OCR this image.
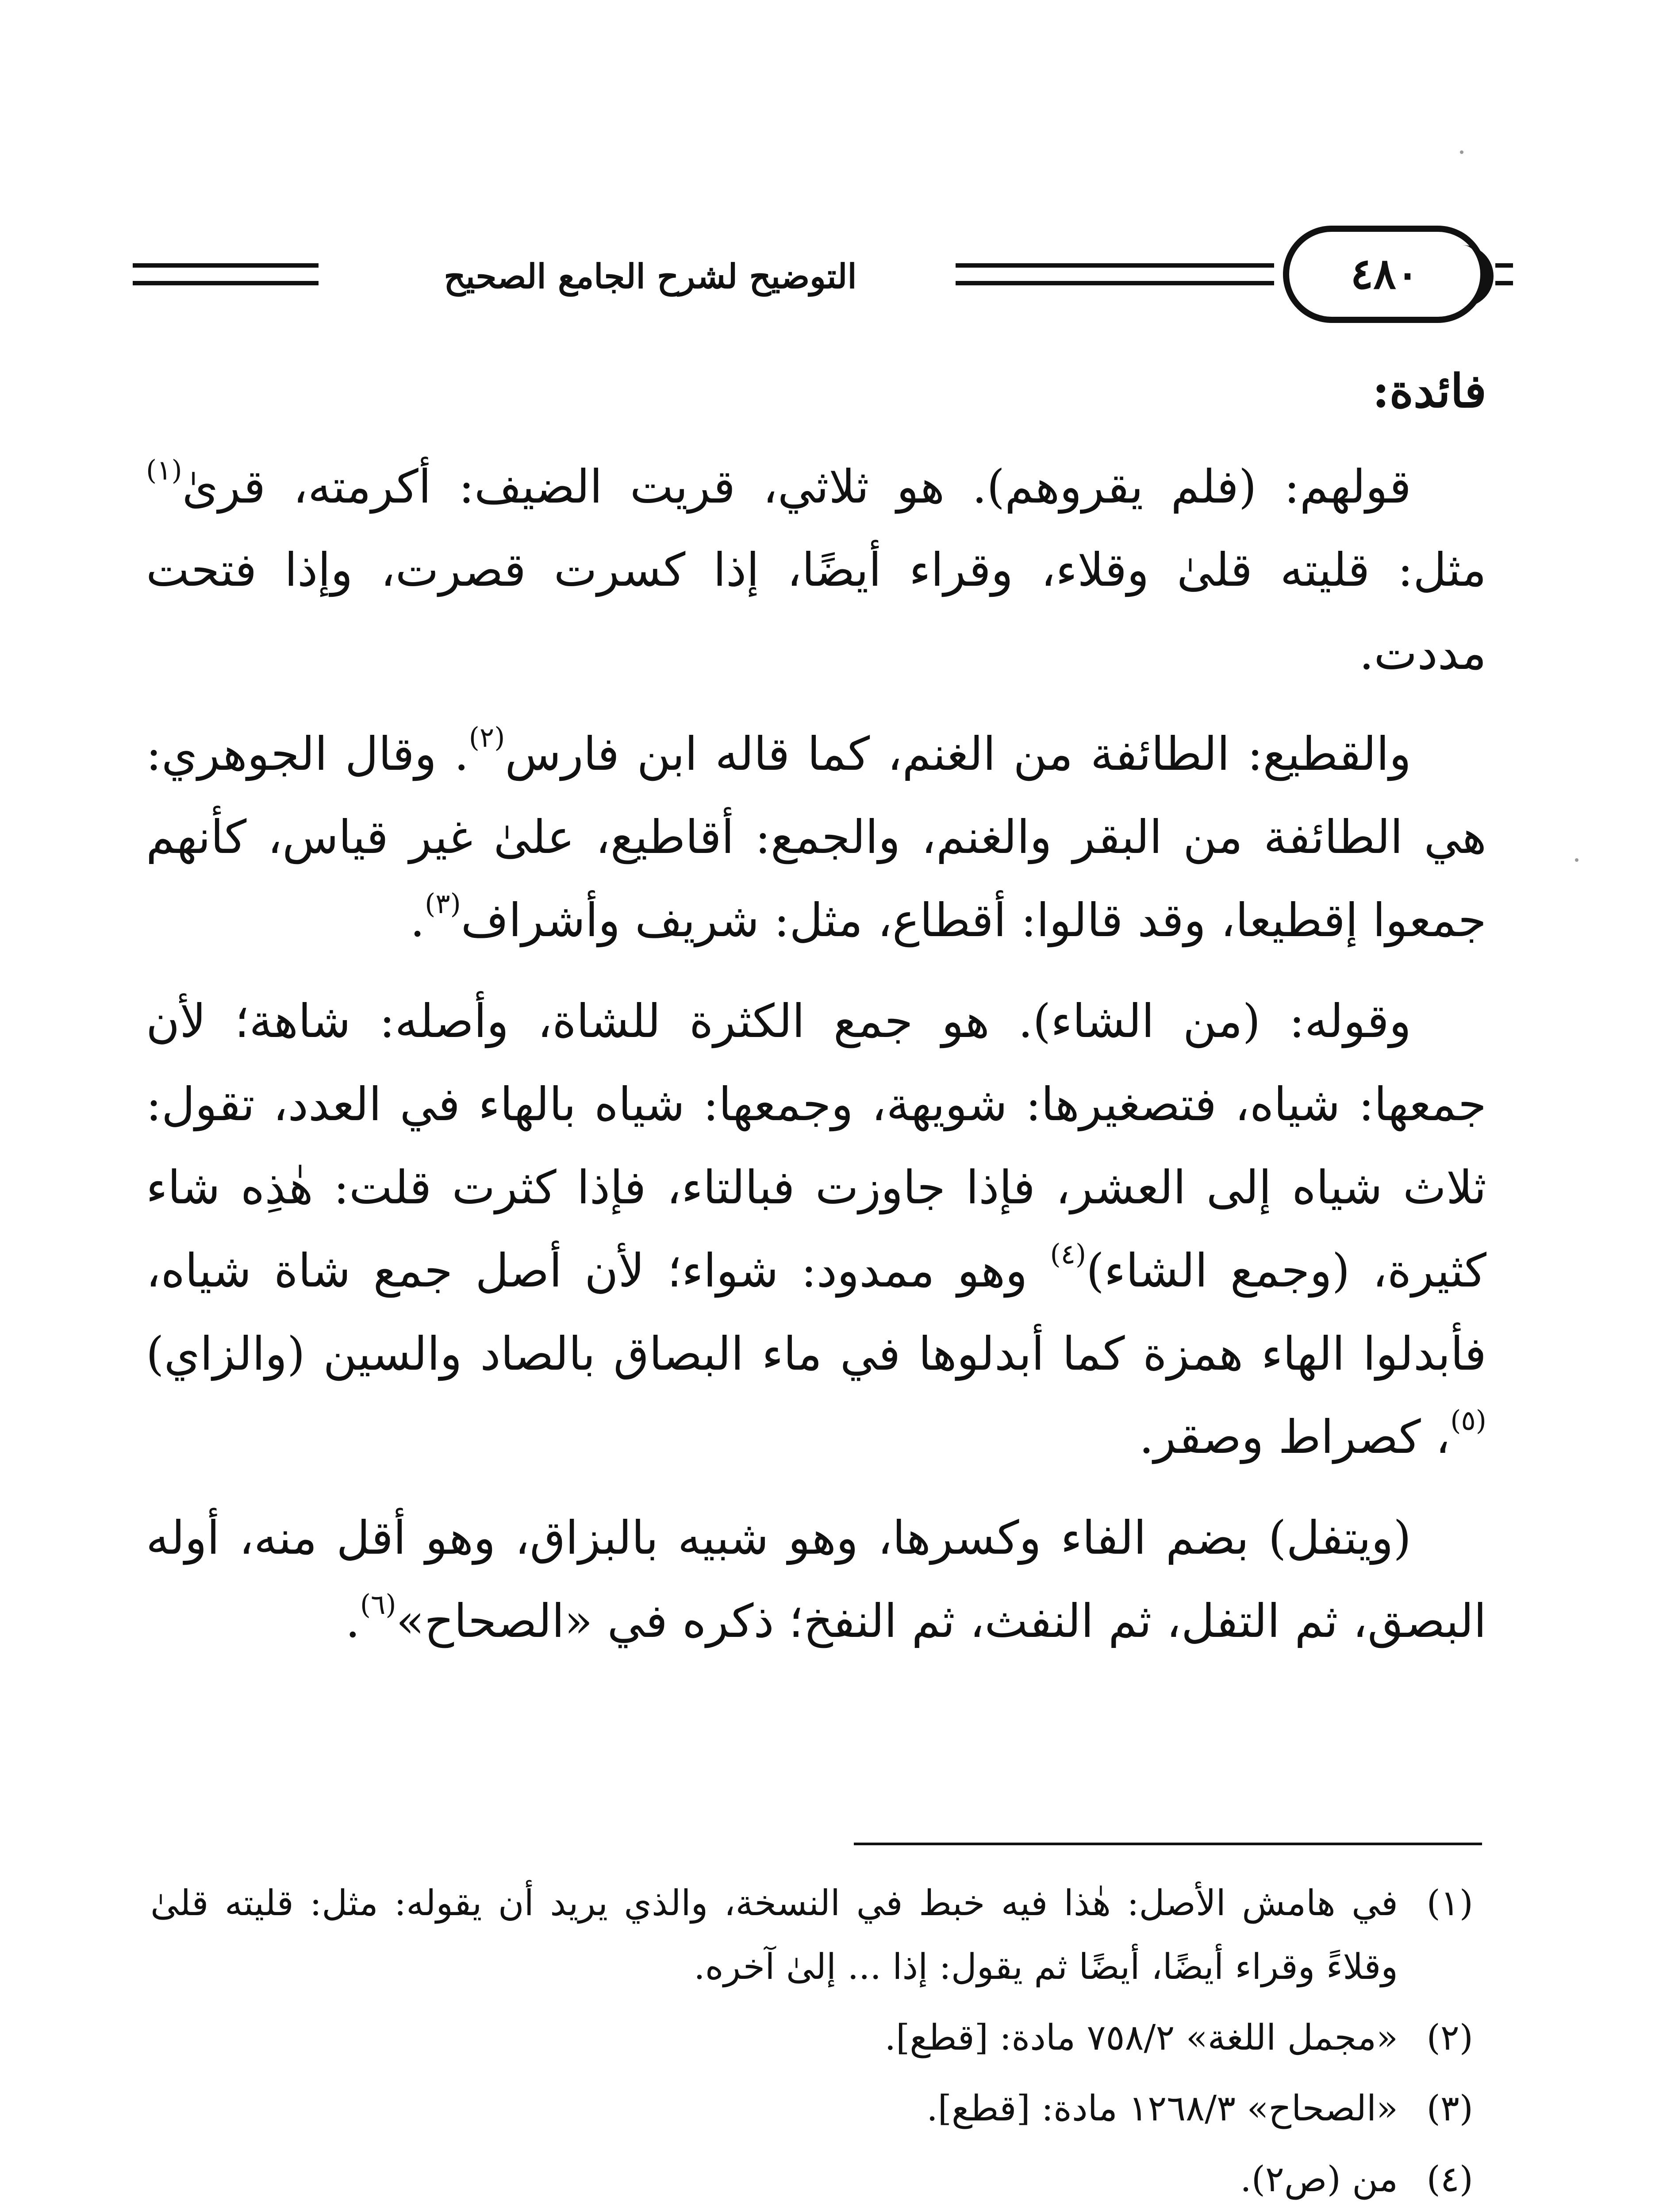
التوضيح لشرح الجامع الصحيح	٤٨٠

فائدة:

قولهم: (فلم يقروهم). هو ثلاثي، قريت الضيف: أكرمته، قرىٰ$^{(١)}$ مثل: قليته قلىٰ وقلاء، وقراء أيضًا، إذا كسرت قصرت، وإذا فتحت مددت.

والقطيع: الطائفة من الغنم، كما قاله ابن فارس$^{(٢)}$. وقال الجوهري: هي الطائفة من البقر والغنم، والجمع: أقاطيع، علىٰ غير قياس، كأنهم جمعوا إقطيعا، وقد قالوا: أقطاع، مثل: شريف وأشراف$^{(٣)}$.

وقوله: (من الشاء). هو جمع الكثرة للشاة، وأصله: شاهة؛ لأن جمعها: شياه، فتصغيرها: شويهة، وجمعها: شياه بالهاء في العدد، تقول: ثلاث شياه إلى العشر، فإذا جاوزت فبالتاء، فإذا كثرت قلت: هٰذِه شاء كثيرة، (وجمع الشاء)$^{(٤)}$ وهو ممدود: شواء؛ لأن أصل جمع شاة شياه، فأبدلوا الهاء همزة كما أبدلوها في ماء البصاق بالصاد والسين (والزاي)$^{(٥)}$، كصراط وصقر.

(ويتفل) بضم الفاء وكسرها، وهو شبيه بالبزاق، وهو أقل منه، أوله البصق، ثم التفل، ثم النفث، ثم النفخ؛ ذكره في «الصحاح»$^{(٦)}$.

(١)
في هامش الأصل: هٰذا فيه خبط في النسخة، والذي يريد أن يقوله: مثل: قليته قلىٰ وقلاءً وقراء أيضًا، أيضًا ثم يقول: إذا ... إلىٰ آخره.
(٢)
«مجمل اللغة» ٧٥٨/٢ مادة: [قطع].
(٣)
«الصحاح» ١٢٦٨/٣ مادة: [قطع].
(٤)
من (ص٢).
